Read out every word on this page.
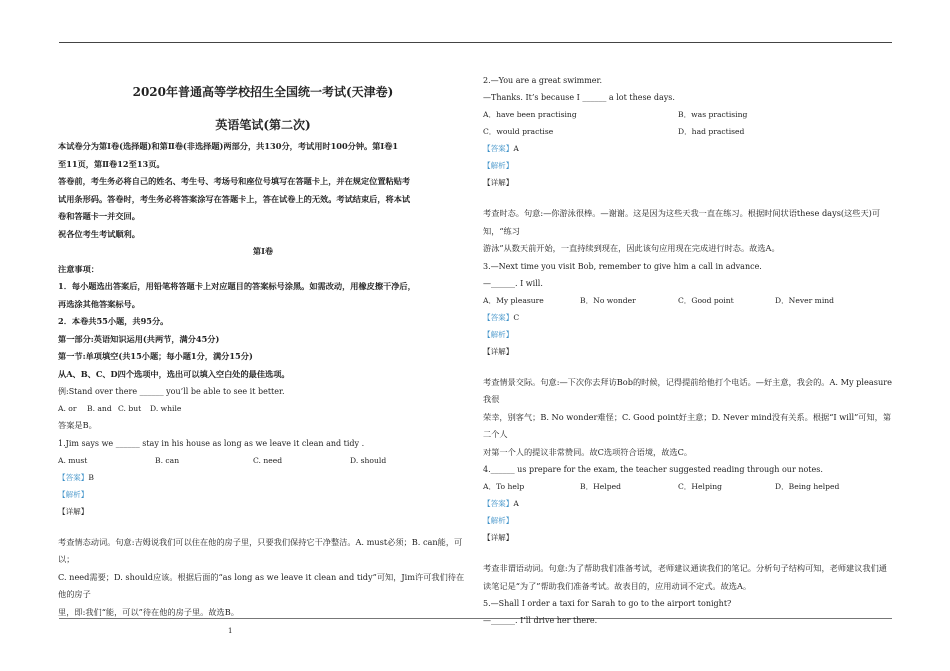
2020年普通高等学校招生全国统一考试(天津卷)
英语笔试(第二次)
本试卷分为第Ⅰ卷(选择题)和第Ⅱ卷(非选择题)两部分，共130分，考试用时100分钟。第Ⅰ卷1
至11页，第Ⅱ卷12至13页。
答卷前，考生务必将自己的姓名、考生号、考场号和座位号填写在答题卡上，并在规定位置粘贴考
试用条形码。答卷时，考生务必将答案涂写在答题卡上，答在试卷上的无效。考试结束后，将本试
卷和答题卡一并交回。
祝各位考生考试顺利。
第Ⅰ卷
注意事项：
1．每小题选出答案后，用铅笔将答题卡上对应题目的答案标号涂黑。如需改动，用橡皮擦干净后，
再选涂其他答案标号。
2．本卷共55小题，共95分。
第一部分:英语知识运用(共两节，满分45分)
第一节:单项填空(共15小题；每小题1分，满分15分)
从A、B、C、D四个选项中，选出可以填入空白处的最佳选项。
例:Stand over there ______ you’ll be able to see it better.
A. or	B. and C. but	D. while
答案是B。
1.Jim says we ______ stay in his house as long as we leave it clean and tidy .
A. must	B. can	C. need	D. should
【答案】B
【解析】
【详解】
考查情态动词。句意:吉姆说我们可以住在他的房子里，只要我们保持它干净整洁。A. must必须；B. can能，可以；
C. need需要；D. should应该。根据后面的“as long as we leave it clean and tidy”可知，Jim许可我们待在他的房子
里，即:我们“能，可以”待在他的房子里。故选B。
2.—You are a great swimmer.
—Thanks. It’s because I ______ a lot these days.
A．have been practising	B．was practising
C．would practise	D．had practised
【答案】A
【解析】
【详解】
考查时态。句意:—你游泳很棒。—谢谢。这是因为这些天我一直在练习。根据时间状语these days(这些天)可知，“练习
游泳”从数天前开始，一直持续到现在，因此该句应用现在完成进行时态。故选A。
3.—Next time you visit Bob, remember to give him a call in advance.
—______. I will.
A．My pleasure	B．No wonder	C．Good point	D．Never mind
【答案】C
【解析】
【详解】
考查情景交际。句意:—下次你去拜访Bob的时候，记得提前给他打个电话。—好主意，我会的。A. My pleasure我很
荣幸，别客气；B. No wonder难怪；C. Good point好主意；D. Never mind没有关系。根据“I will”可知，第二个人
对第一个人的提议非常赞同。故C选项符合语境，故选C。
4.______ us prepare for the exam, the teacher suggested reading through our notes.
A．To help	B．Helped	C．Helping	D．Being helped
【答案】A
【解析】
【详解】
考查非谓语动词。句意:为了帮助我们准备考试，老师建议通读我们的笔记。分析句子结构可知，老师建议我们通
读笔记是“为了”帮助我们准备考试。故表目的，应用动词不定式。故选A。
5.—Shall I order a taxi for Sarah to go to the airport tonight?
—______. I’ll drive her there.
1
